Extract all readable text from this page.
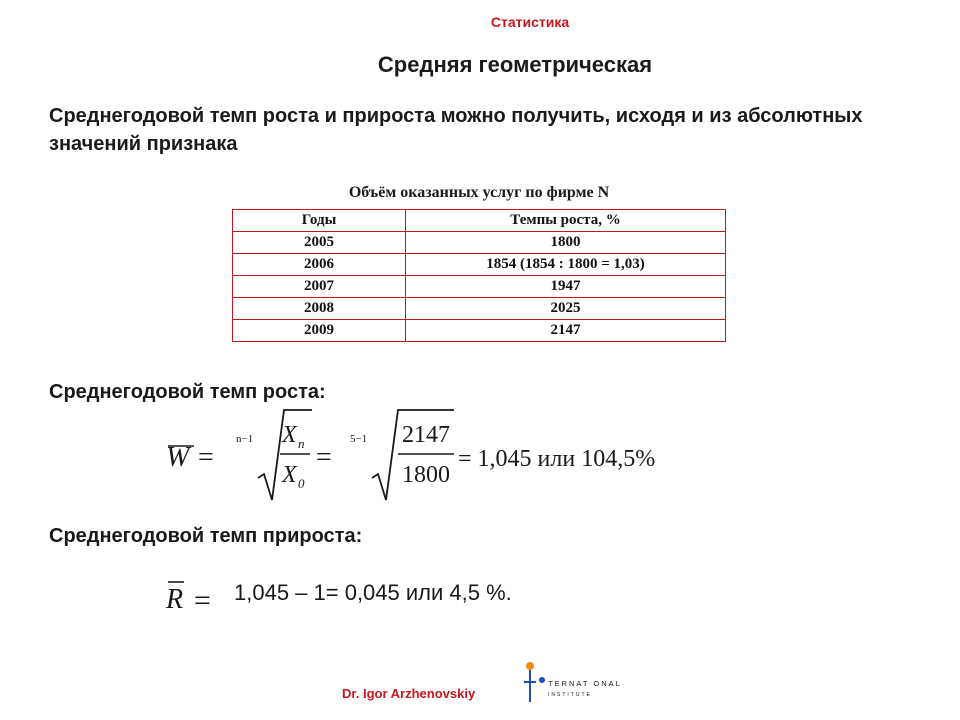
Статистика
Средняя геометрическая
Среднегодовой темп роста и прироста можно получить, исходя и из абсолютных значений признака
Объём оказанных услуг по фирме N
Годы	Темпы роста, %
2005	1800
2006	1854 (1854 : 1800 = 1,03)
2007	1947
2008	2025
2009	2147
Среднегодовой темп роста:
W =
n−1 X n
X 0
=
5−1 2147
1800
= 1,045 или 104,5%
Среднегодовой темп прироста:
R = 1,045 – 1= 0,045 или 4,5 %.
Dr. Igor Arzhenovskiy
TERNAT ONAL
INSTITUTE
